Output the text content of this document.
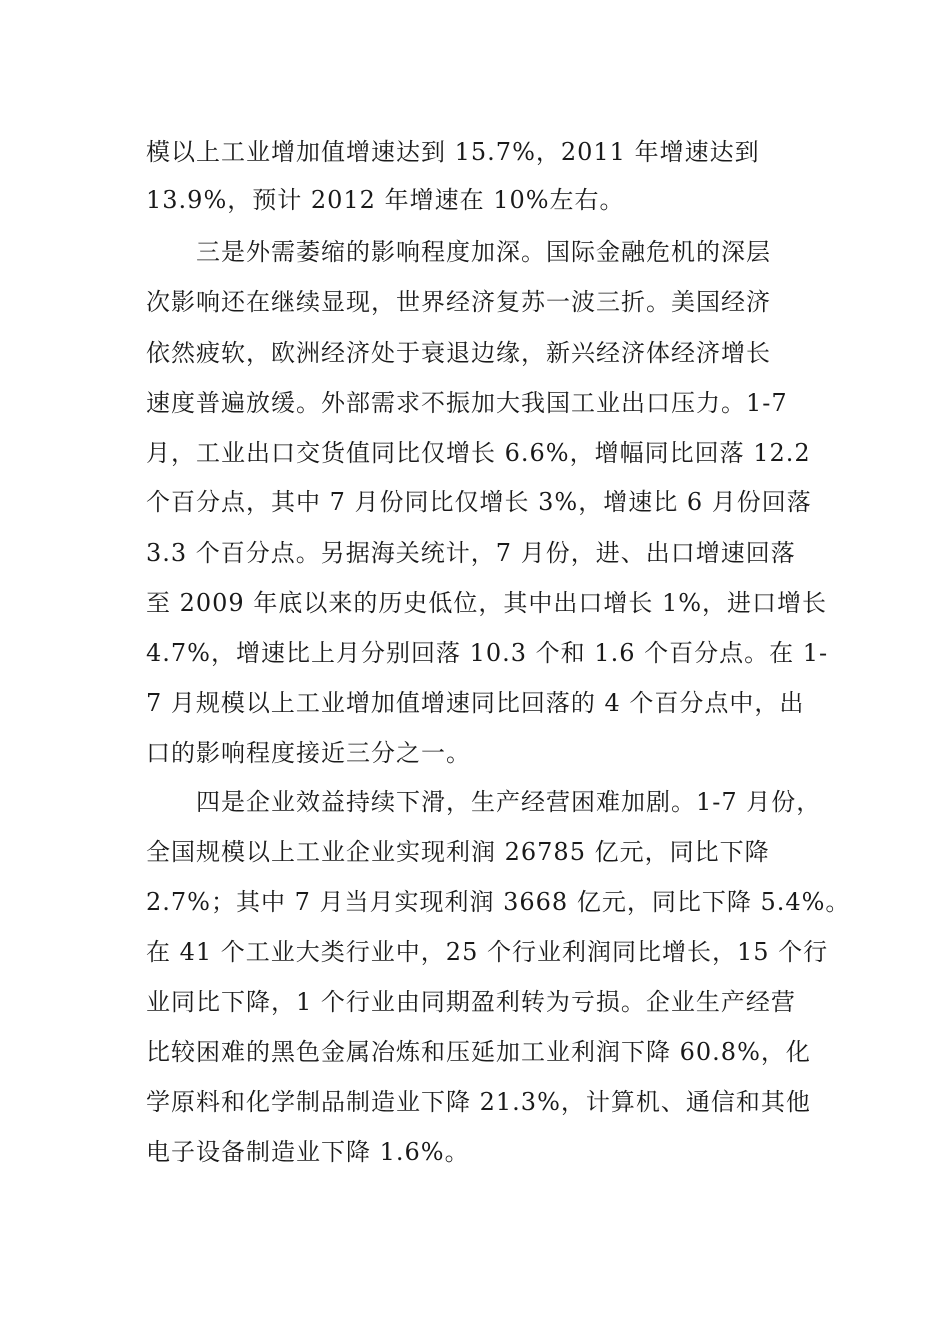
模以上工业增加值增速达到 15.7%，2011 年增速达到
13.9%，预计 2012 年增速在 10%左右。
三是外需萎缩的影响程度加深。国际金融危机的深层
次影响还在继续显现，世界经济复苏一波三折。美国经济
依然疲软，欧洲经济处于衰退边缘，新兴经济体经济增长
速度普遍放缓。外部需求不振加大我国工业出口压力。1-7
月，工业出口交货值同比仅增长 6.6%，增幅同比回落 12.2
个百分点，其中 7 月份同比仅增长 3%，增速比 6 月份回落
3.3 个百分点。另据海关统计，7 月份，进、出口增速回落
至 2009 年底以来的历史低位，其中出口增长 1%，进口增长
4.7%，增速比上月分别回落 10.3 个和 1.6 个百分点。在 1-
7 月规模以上工业增加值增速同比回落的 4 个百分点中，出
口的影响程度接近三分之一。
四是企业效益持续下滑，生产经营困难加剧。1-7 月份，
全国规模以上工业企业实现利润 26785 亿元，同比下降
2.7%；其中 7 月当月实现利润 3668 亿元，同比下降 5.4%。
在 41 个工业大类行业中，25 个行业利润同比增长，15 个行
业同比下降，1 个行业由同期盈利转为亏损。企业生产经营
比较困难的黑色金属冶炼和压延加工业利润下降 60.8%，化
学原料和化学制品制造业下降 21.3%，计算机、通信和其他
电子设备制造业下降 1.6%。
